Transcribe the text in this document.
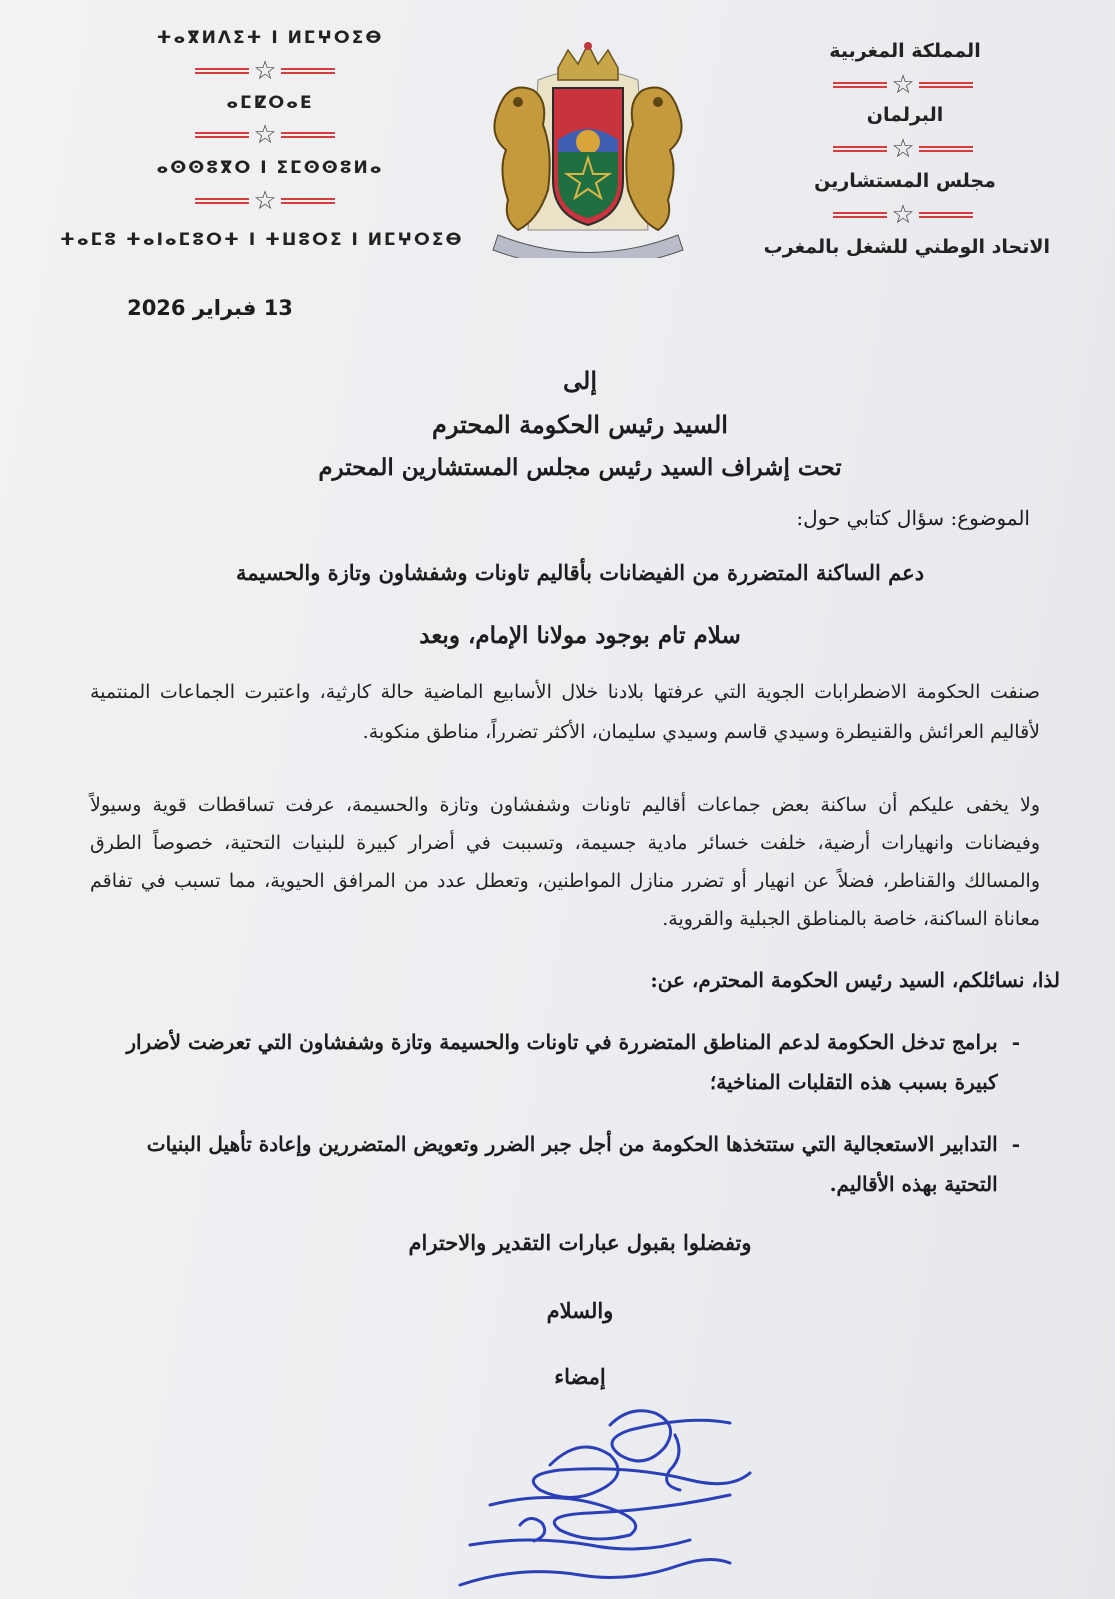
ⵜⴰⴳⵍⴷⵉⵜ ⵏ ⵍⵎⵖⵔⵉⴱ
☆
ⴰⵎⵇⵔⴰⴹ
☆
ⴰⵙⵙⵓⴳⵔ ⵏ ⵉⵎⵙⵙⵓⵍⴰ
☆
ⵜⴰⵎⵓ ⵜⴰⵏⴰⵎⵓⵔⵜ ⵏ ⵜⵡⵓⵔⵉ ⵏ ⵍⵎⵖⵔⵉⴱ
المملكة المغربية
☆
البرلمان
☆
مجلس المستشارين
☆
الاتحاد الوطني للشغل بالمغرب
13 فبراير 2026
إلى
السيد رئيس الحكومة المحترم
تحت إشراف السيد رئيس مجلس المستشارين المحترم
الموضوع: سؤال كتابي حول:
دعم الساكنة المتضررة من الفيضانات بأقاليم تاونات وشفشاون وتازة والحسيمة
سلام تام بوجود مولانا الإمام، وبعد
صنفت الحكومة الاضطرابات الجوية التي عرفتها بلادنا خلال الأسابيع الماضية حالة كارثية، واعتبرت الجماعات المنتمية لأقاليم العرائش والقنيطرة وسيدي قاسم وسيدي سليمان، الأكثر تضرراً، مناطق منكوبة.
ولا يخفى عليكم أن ساكنة بعض جماعات أقاليم تاونات وشفشاون وتازة والحسيمة، عرفت تساقطات قوية وسيولاً وفيضانات وانهيارات أرضية، خلفت خسائر مادية جسيمة، وتسببت في أضرار كبيرة للبنيات التحتية، خصوصاً الطرق والمسالك والقناطر، فضلاً عن انهيار أو تضرر منازل المواطنين، وتعطل عدد من المرافق الحيوية، مما تسبب في تفاقم معاناة الساكنة، خاصة بالمناطق الجبلية والقروية.
لذا، نسائلكم، السيد رئيس الحكومة المحترم، عن:
-
برامج تدخل الحكومة لدعم المناطق المتضررة في تاونات والحسيمة وتازة وشفشاون التي تعرضت لأضرار كبيرة بسبب هذه التقلبات المناخية؛
-
التدابير الاستعجالية التي ستتخذها الحكومة من أجل جبر الضرر وتعويض المتضررين وإعادة تأهيل البنيات التحتية بهذه الأقاليم.
وتفضلوا بقبول عبارات التقدير والاحترام
والسلام
إمضاء
